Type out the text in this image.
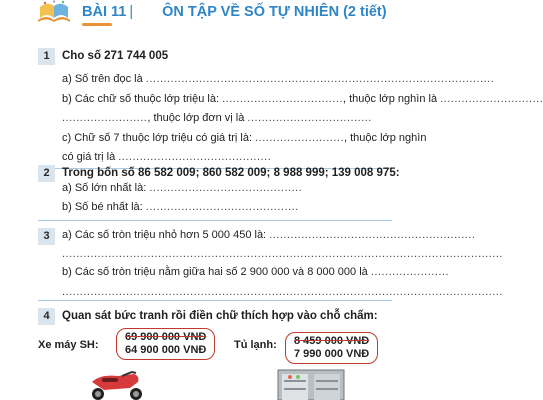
BÀI 11 | ÔN TẬP VỀ SỐ TỰ NHIÊN (2 tiết)
1	Cho số 271 744 005
a) Số trên đọc là ..................................................................................................
b) Các chữ số thuộc lớp triệu là: .................................., thuộc lớp nghìn là .............................
........................, thuộc lớp đơn vị là ...................................
c) Chữ số 7 thuộc lớp triệu có giá trị là: ........................., thuộc lớp nghìn
có giá trị là ...........................................
2	Trong bốn số 86 582 009; 860 582 009; 8 988 999; 139 008 975:
a) Số lớn nhất là: ...........................................
b) Số bé nhất là: ...........................................
3	a) Các số tròn triệu nhỏ hơn 5 000 450 là: ..........................................................
............................................................................................................................
b) Các số tròn triệu nằm giữa hai số 2 900 000 và 8 000 000 là ......................
............................................................................................................................
4	Quan sát bức tranh rồi điền chữ thích hợp vào chỗ chấm:
Xe máy SH:
69 900 000 VNĐ
64 900 000 VNĐ	Tủ lạnh: 8 459 000 VNĐ
7 990 000 VNĐ
